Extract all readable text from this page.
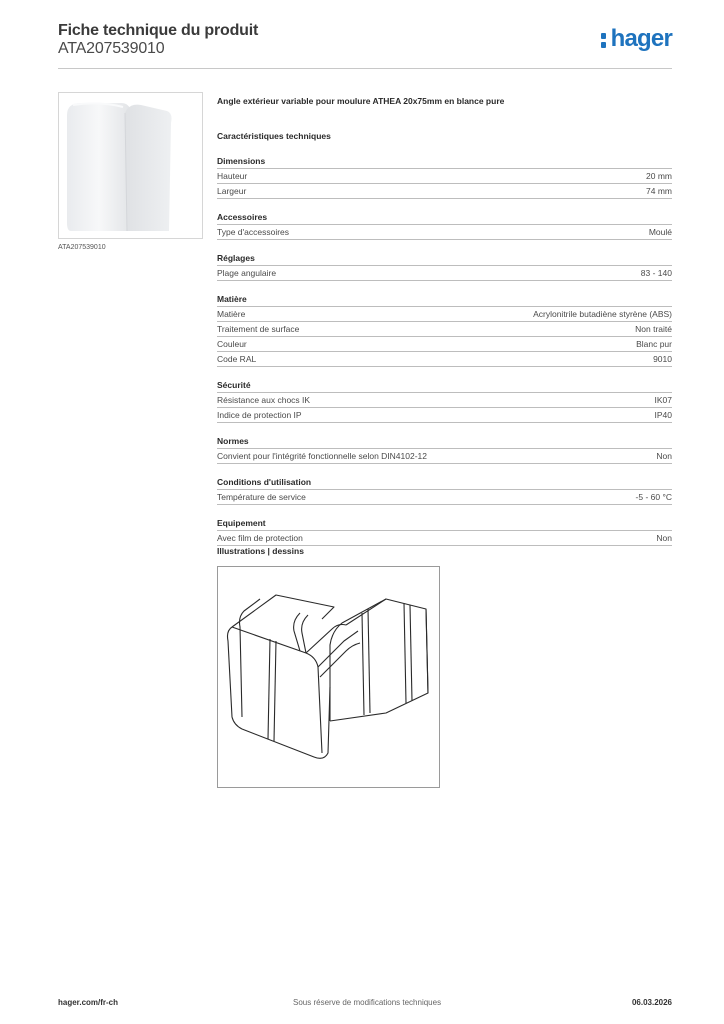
Fiche technique du produit
ATA207539010	hager
ATA207539010
Angle extérieur variable pour moulure ATHEA 20x75mm en blance pure
Caractéristiques techniques
Dimensions
Hauteur	20 mm
Largeur	74 mm
Accessoires
Type d'accessoires	Moulé
Réglages
Plage angulaire	83 - 140
Matière
Matière	Acrylonitrile butadiène styrène (ABS)
Traitement de surface	Non traité
Couleur	Blanc pur
Code RAL	9010
Sécurité
Résistance aux chocs IK	IK07
Indice de protection IP	IP40
Normes
Convient pour l'intégrité fonctionnelle selon DIN4102-12	Non
Conditions d'utilisation
Température de service	-5 - 60 °C
Equipement
Avec film de protection	Non
Illustrations | dessins
hager.com/fr-ch	Sous réserve de modifications techniques	06.03.2026
